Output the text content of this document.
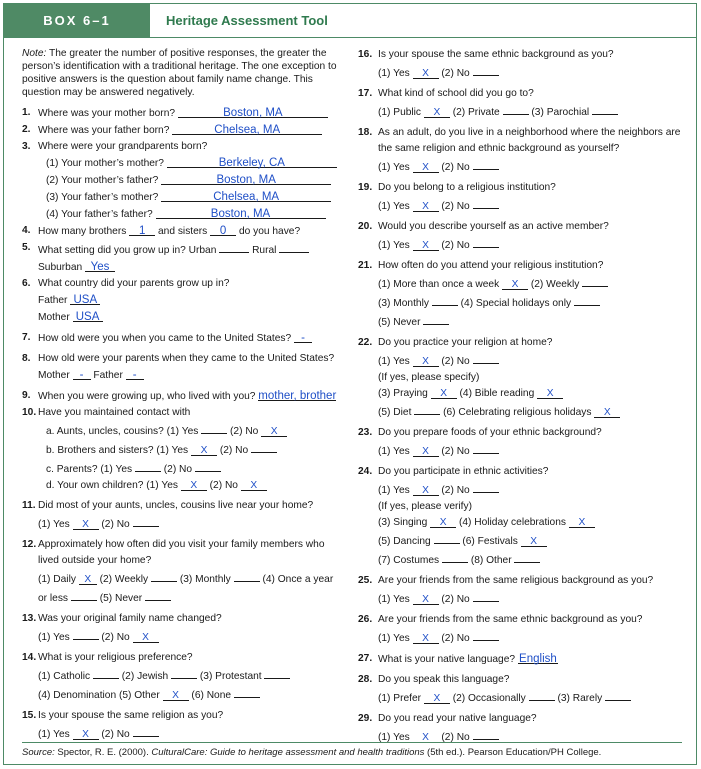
BOX 6–1	Heritage Assessment Tool
Note: The greater the number of positive responses, the greater the person’s identification with a traditional heritage. The one exception to positive answers is the question about family name change. This question may be answered negatively.
1. Where was your mother born?	Boston, MA
2. Where was your father born?	Chelsea, MA
3. Where were your grandparents born?
(1) Your mother’s mother?	Berkeley, CA
(2) Your mother’s father?	Boston, MA
(3) Your father’s mother?	Chelsea, MA
(4) Your father’s father?	Boston, MA
4. How many brothers 1 and sisters 0 do you have?
5. What setting did you grow up in? Urban	Rural
Suburban Yes
6. What country did your parents grow up in?
Father USA
Mother USA
7. How old were you when you came to the United States? -
8. How old were your parents when they came to the United States? Mother - Father -
9. When you were growing up, who lived with you? mother, brother
10. Have you maintained contact with
a. Aunts, uncles, cousins? (1) Yes	(2) No X
b. Brothers and sisters? (1) Yes X (2) No
c. Parents? (1) Yes	(2) No
d. Your own children? (1) Yes X (2) No X
11. Did most of your aunts, uncles, cousins live near your home?
(1) Yes X (2) No
12. Approximately how often did you visit your family members who lived outside your home?
(1) Daily X (2) Weekly	(3) Monthly	(4) Once a year or less	(5) Never
13. Was your original family name changed?
(1) Yes	(2) No X
14. What is your religious preference?
(1) Catholic	(2) Jewish	(3) Protestant
(4) Denomination (5) Other X (6) None
15. Is your spouse the same religion as you?
(1) Yes X (2) No
16. Is your spouse the same ethnic background as you?
(1) Yes X (2) No
17. What kind of school did you go to?
(1) Public X (2) Private	(3) Parochial
18. As an adult, do you live in a neighborhood where the neighbors are the same religion and ethnic background as yourself?
(1) Yes X (2) No
19. Do you belong to a religious institution?
(1) Yes X (2) No
20. Would you describe yourself as an active member?
(1) Yes X (2) No
21. How often do you attend your religious institution?
(1) More than once a week X (2) Weekly
(3) Monthly	(4) Special holidays only
(5) Never
22. Do you practice your religion at home?
(1) Yes X (2) No
(If yes, please specify)
(3) Praying X (4) Bible reading X
(5) Diet	(6) Celebrating religious holidays X
23. Do you prepare foods of your ethnic background?
(1) Yes X (2) No
24. Do you participate in ethnic activities?
(1) Yes X (2) No
(If yes, please verify)
(3) Singing X (4) Holiday celebrations X
(5) Dancing	(6) Festivals X
(7) Costumes	(8) Other
25. Are your friends from the same religious background as you?
(1) Yes X (2) No
26. Are your friends from the same ethnic background as you?
(1) Yes X (2) No
27. What is your native language? English
28. Do you speak this language?
(1) Prefer X (2) Occasionally	(3) Rarely
29. Do you read your native language?
(1) Yes X (2) No
Source: Spector, R. E. (2000). CulturalCare: Guide to heritage assessment and health traditions (5th ed.). Pearson Education/PH College.
